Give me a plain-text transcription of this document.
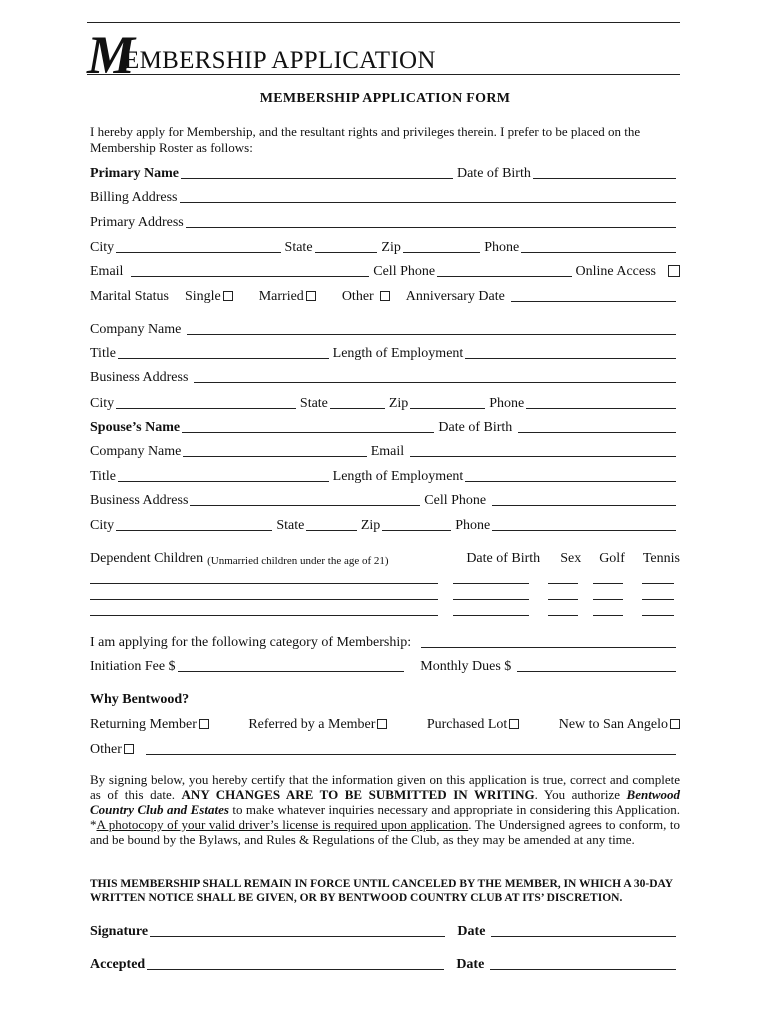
M
EMBERSHIP APPLICATION
MEMBERSHIP APPLICATION FORM
I hereby apply for Membership, and the resultant rights and privileges therein. I prefer to be placed on the Membership Roster as follows:
Primary Name	Date of Birth
Billing Address
Primary Address
City	State	Zip	Phone
Email	Cell Phone	Online Access
Marital Status Single	Married	Other	Anniversary Date
Company Name
Title	Length of Employment
Business Address
City	State	Zip	Phone
Spouse’s Name	Date of Birth
Company Name	Email
Title	Length of Employment
Business Address	Cell Phone
City	State	Zip	Phone
Dependent Children (Unmarried children under the age of 21)	Date of Birth Sex Golf Tennis
I am applying for the following category of Membership:
Initiation Fee $	Monthly Dues $
Why Bentwood?
Returning Member	Referred by a Member	Purchased Lot	New to San Angelo
Other
By signing below, you hereby certify that the information given on this application is true, correct and complete as of this date. ANY CHANGES ARE TO BE SUBMITTED IN WRITING. You authorize Bentwood Country Club and Estates to make whatever inquiries necessary and appropriate in considering this Application. *A photocopy of your valid driver’s license is required upon application. The Undersigned agrees to conform, to and be bound by the Bylaws, and Rules & Regulations of the Club, as they may be amended at any time.
THIS MEMBERSHIP SHALL REMAIN IN FORCE UNTIL CANCELED BY THE MEMBER, IN WHICH A 30-DAY WRITTEN NOTICE SHALL BE GIVEN, OR BY BENTWOOD COUNTRY CLUB AT ITS’ DISCRETION.
Signature	Date
Accepted	Date
